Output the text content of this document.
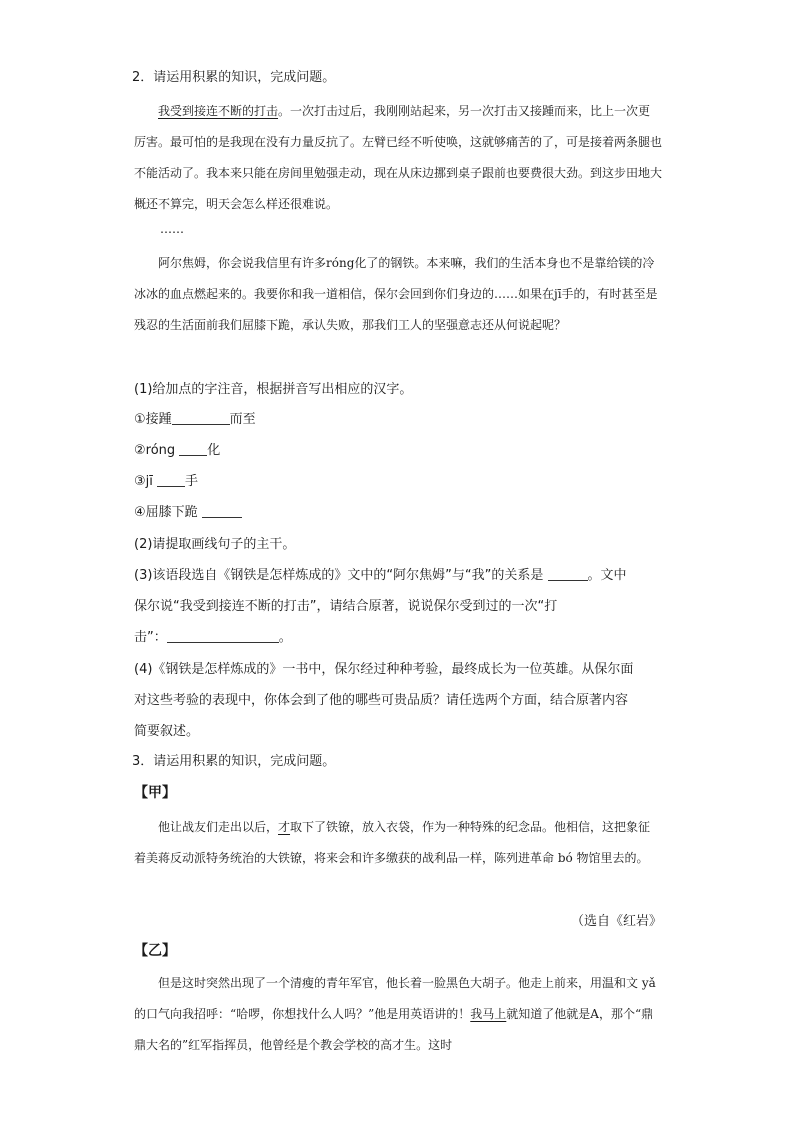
2．请运用积累的知识，完成问题。

我受到接连不断的打击。一次打击过后，我刚刚站起来，另一次打击又接踵而来，比上一次更厉害。最可怕的是我现在没有力量反抗了。左臂已经不听使唤，这就够痛苦的了，可是接着两条腿也不能活动了。我本来只能在房间里勉强走动，现在从床边挪到桌子跟前也要费很大劲。到这步田地大概还不算完，明天会怎么样还很难说。

……

阿尔焦姆，你会说我信里有许多róng化了的钢铁。本来嘛，我们的生活本身也不是靠给镁的冷冰冰的血点燃起来的。我要你和我一道相信，保尔会回到你们身边的……如果在jī手的，有时甚至是残忍的生活面前我们屈膝下跪，承认失败，那我们工人的坚强意志还从何说起呢？

(1)给加点的字注音，根据拼音写出相应的汉字。
①接踵	而至
②róng 化
③jī 手
④屈膝下跪
(2)请提取画线句子的主干。
(3)该语段选自《钢铁是怎样炼成的》文中的“阿尔焦姆”与“我”的关系是	。文中
保尔说“我受到接连不断的打击”，请结合原著，说说保尔受到过的一次“打
击”：	。
(4)《钢铁是怎样炼成的》一书中，保尔经过种种考验，最终成长为一位英雄。从保尔面
对这些考验的表现中，你体会到了他的哪些可贵品质？请任选两个方面，结合原著内容
简要叙述。
3．请运用积累的知识，完成问题。
【甲】

他让战友们走出以后，才取下了铁镣，放入衣袋，作为一种特殊的纪念品。他相信，这把象征着美蒋反动派特务统治的大铁镣，将来会和许多缴获的战利品一样，陈列进革命 bó 物馆里去的。

（选自《红岩》
【乙】

但是这时突然出现了一个清瘦的青年军官，他长着一脸黑色大胡子。他走上前来，用温和文 yǎ 的口气向我招呼：“哈啰，你想找什么人吗？”他是用英语讲的！我马上就知道了他就是A，那个“鼎鼎大名的”红军指挥员，他曾经是个教会学校的高才生。这时
